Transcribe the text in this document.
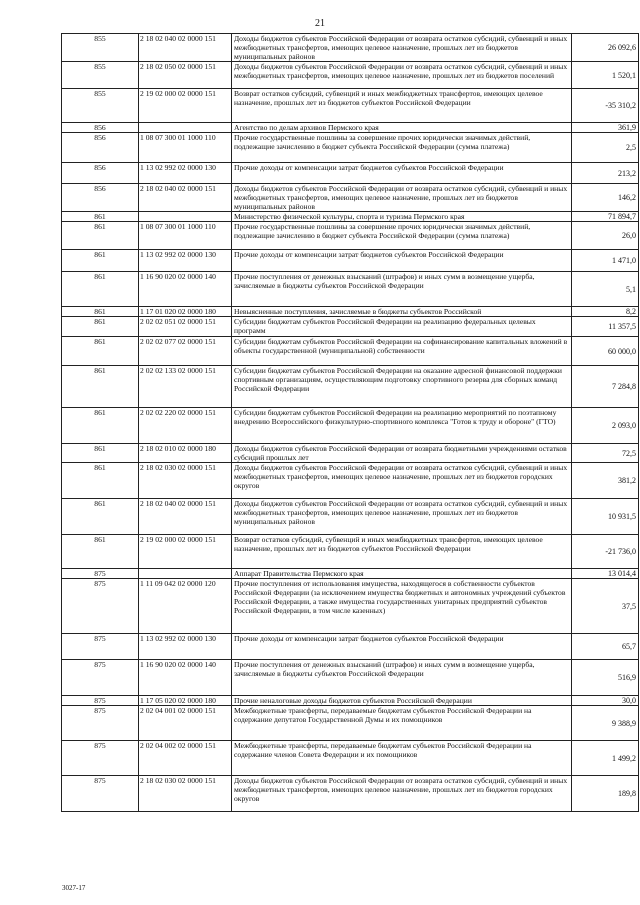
21
855	2 18 02 040 02 0000 151	Доходы бюджетов субъектов Российской Федерации от возврата остатков субсидий, субвенций и иных межбюджетных трансфертов, имеющих целевое назначение, прошлых лет из бюджетов муниципальных районов	26 092,6
855	2 18 02 050 02 0000 151	Доходы бюджетов субъектов Российской Федерации от возврата остатков субсидий, субвенций и иных межбюджетных трансфертов, имеющих целевое назначение, прошлых лет из бюджетов поселений	1 520,1
855	2 19 02 000 02 0000 151	Возврат остатков субсидий, субвенций и иных межбюджетных трансфертов, имеющих целевое назначение, прошлых лет из бюджетов субъектов Российской Федерации	-35 310,2
856		Агентство по делам архивов Пермского края	361,9
856	1 08 07 300 01 1000 110	Прочие государственные пошлины за совершение прочих юридически значимых действий, подлежащие зачислению в бюджет субъекта Российской Федерации (сумма платежа)	2,5
856	1 13 02 992 02 0000 130	Прочие доходы от компенсации затрат бюджетов субъектов Российской Федерации	213,2
856	2 18 02 040 02 0000 151	Доходы бюджетов субъектов Российской Федерации от возврата остатков субсидий, субвенций и иных межбюджетных трансфертов, имеющих целевое назначение, прошлых лет из бюджетов муниципальных районов	146,2
861		Министерство физической культуры, спорта и туризма Пермского края	71 894,7
861	1 08 07 300 01 1000 110	Прочие государственные пошлины за совершение прочих юридически значимых действий, подлежащие зачислению в бюджет субъекта Российской Федерации (сумма платежа)	26,0
861	1 13 02 992 02 0000 130	Прочие доходы от компенсации затрат бюджетов субъектов Российской Федерации	1 471,0
861	1 16 90 020 02 0000 140	Прочие поступления от денежных взысканий (штрафов) и иных сумм в возмещение ущерба, зачисляемые в бюджеты субъектов Российской Федерации	5,1
861	1 17 01 020 02 0000 180	Невыясненные поступления, зачисляемые в бюджеты субъектов Российской	8,2
861	2 02 02 051 02 0000 151	Субсидии бюджетам субъектов Российской Федерации на реализацию федеральных целевых программ	11 357,5
861	2 02 02 077 02 0000 151	Субсидии бюджетам субъектов Российской Федерации на софинансирование капитальных вложений в объекты государственной (муниципальной) собственности	60 000,0
861	2 02 02 133 02 0000 151	Субсидии бюджетам субъектов Российской Федерации на оказание адресной финансовой поддержки спортивным организациям, осуществляющим подготовку спортивного резерва для сборных команд Российской Федерации	7 284,8
861	2 02 02 220 02 0000 151	Субсидии бюджетам субъектов Российской Федерации на реализацию мероприятий по поэтапному внедрению Всероссийского физкультурно-спортивного комплекса "Готов к труду и обороне" (ГТО)	2 093,0
861	2 18 02 010 02 0000 180	Доходы бюджетов субъектов Российской Федерации от возврата бюджетными учреждениями остатков субсидий прошлых лет	72,5
861	2 18 02 030 02 0000 151	Доходы бюджетов субъектов Российской Федерации от возврата остатков субсидий, субвенций и иных межбюджетных трансфертов, имеющих целевое назначение, прошлых лет из бюджетов городских округов	381,2
861	2 18 02 040 02 0000 151	Доходы бюджетов субъектов Российской Федерации от возврата остатков субсидий, субвенций и иных межбюджетных трансфертов, имеющих целевое назначение, прошлых лет из бюджетов муниципальных районов	10 931,5
861	2 19 02 000 02 0000 151	Возврат остатков субсидий, субвенций и иных межбюджетных трансфертов, имеющих целевое назначение, прошлых лет из бюджетов субъектов Российской Федерации	-21 736,0
875		Аппарат Правительства Пермского края	13 014,4
875	1 11 09 042 02 0000 120	Прочие поступления от использования имущества, находящегося в собственности субъектов Российской Федерации (за исключением имущества бюджетных и автономных учреждений субъектов Российской Федерации, а также имущества государственных унитарных предприятий субъектов Российской Федерации, в том числе казенных)	37,5
875	1 13 02 992 02 0000 130	Прочие доходы от компенсации затрат бюджетов субъектов Российской Федерации	65,7
875	1 16 90 020 02 0000 140	Прочие поступления от денежных взысканий (штрафов) и иных сумм в возмещение ущерба, зачисляемые в бюджеты субъектов Российской Федерации	516,9
875	1 17 05 020 02 0000 180	Прочие неналоговые доходы бюджетов субъектов Российской Федерации	30,0
875	2 02 04 001 02 0000 151	Межбюджетные трансферты, передаваемые бюджетам субъектов Российской Федерации на содержание депутатов Государственной Думы и их помощников	9 388,9
875	2 02 04 002 02 0000 151	Межбюджетные трансферты, передаваемые бюджетам субъектов Российской Федерации на содержание членов Совета Федерации и их помощников	1 499,2
875	2 18 02 030 02 0000 151	Доходы бюджетов субъектов Российской Федерации от возврата остатков субсидий, субвенций и иных межбюджетных трансфертов, имеющих целевое назначение, прошлых лет из бюджетов городских округов	189,8
3027-17
